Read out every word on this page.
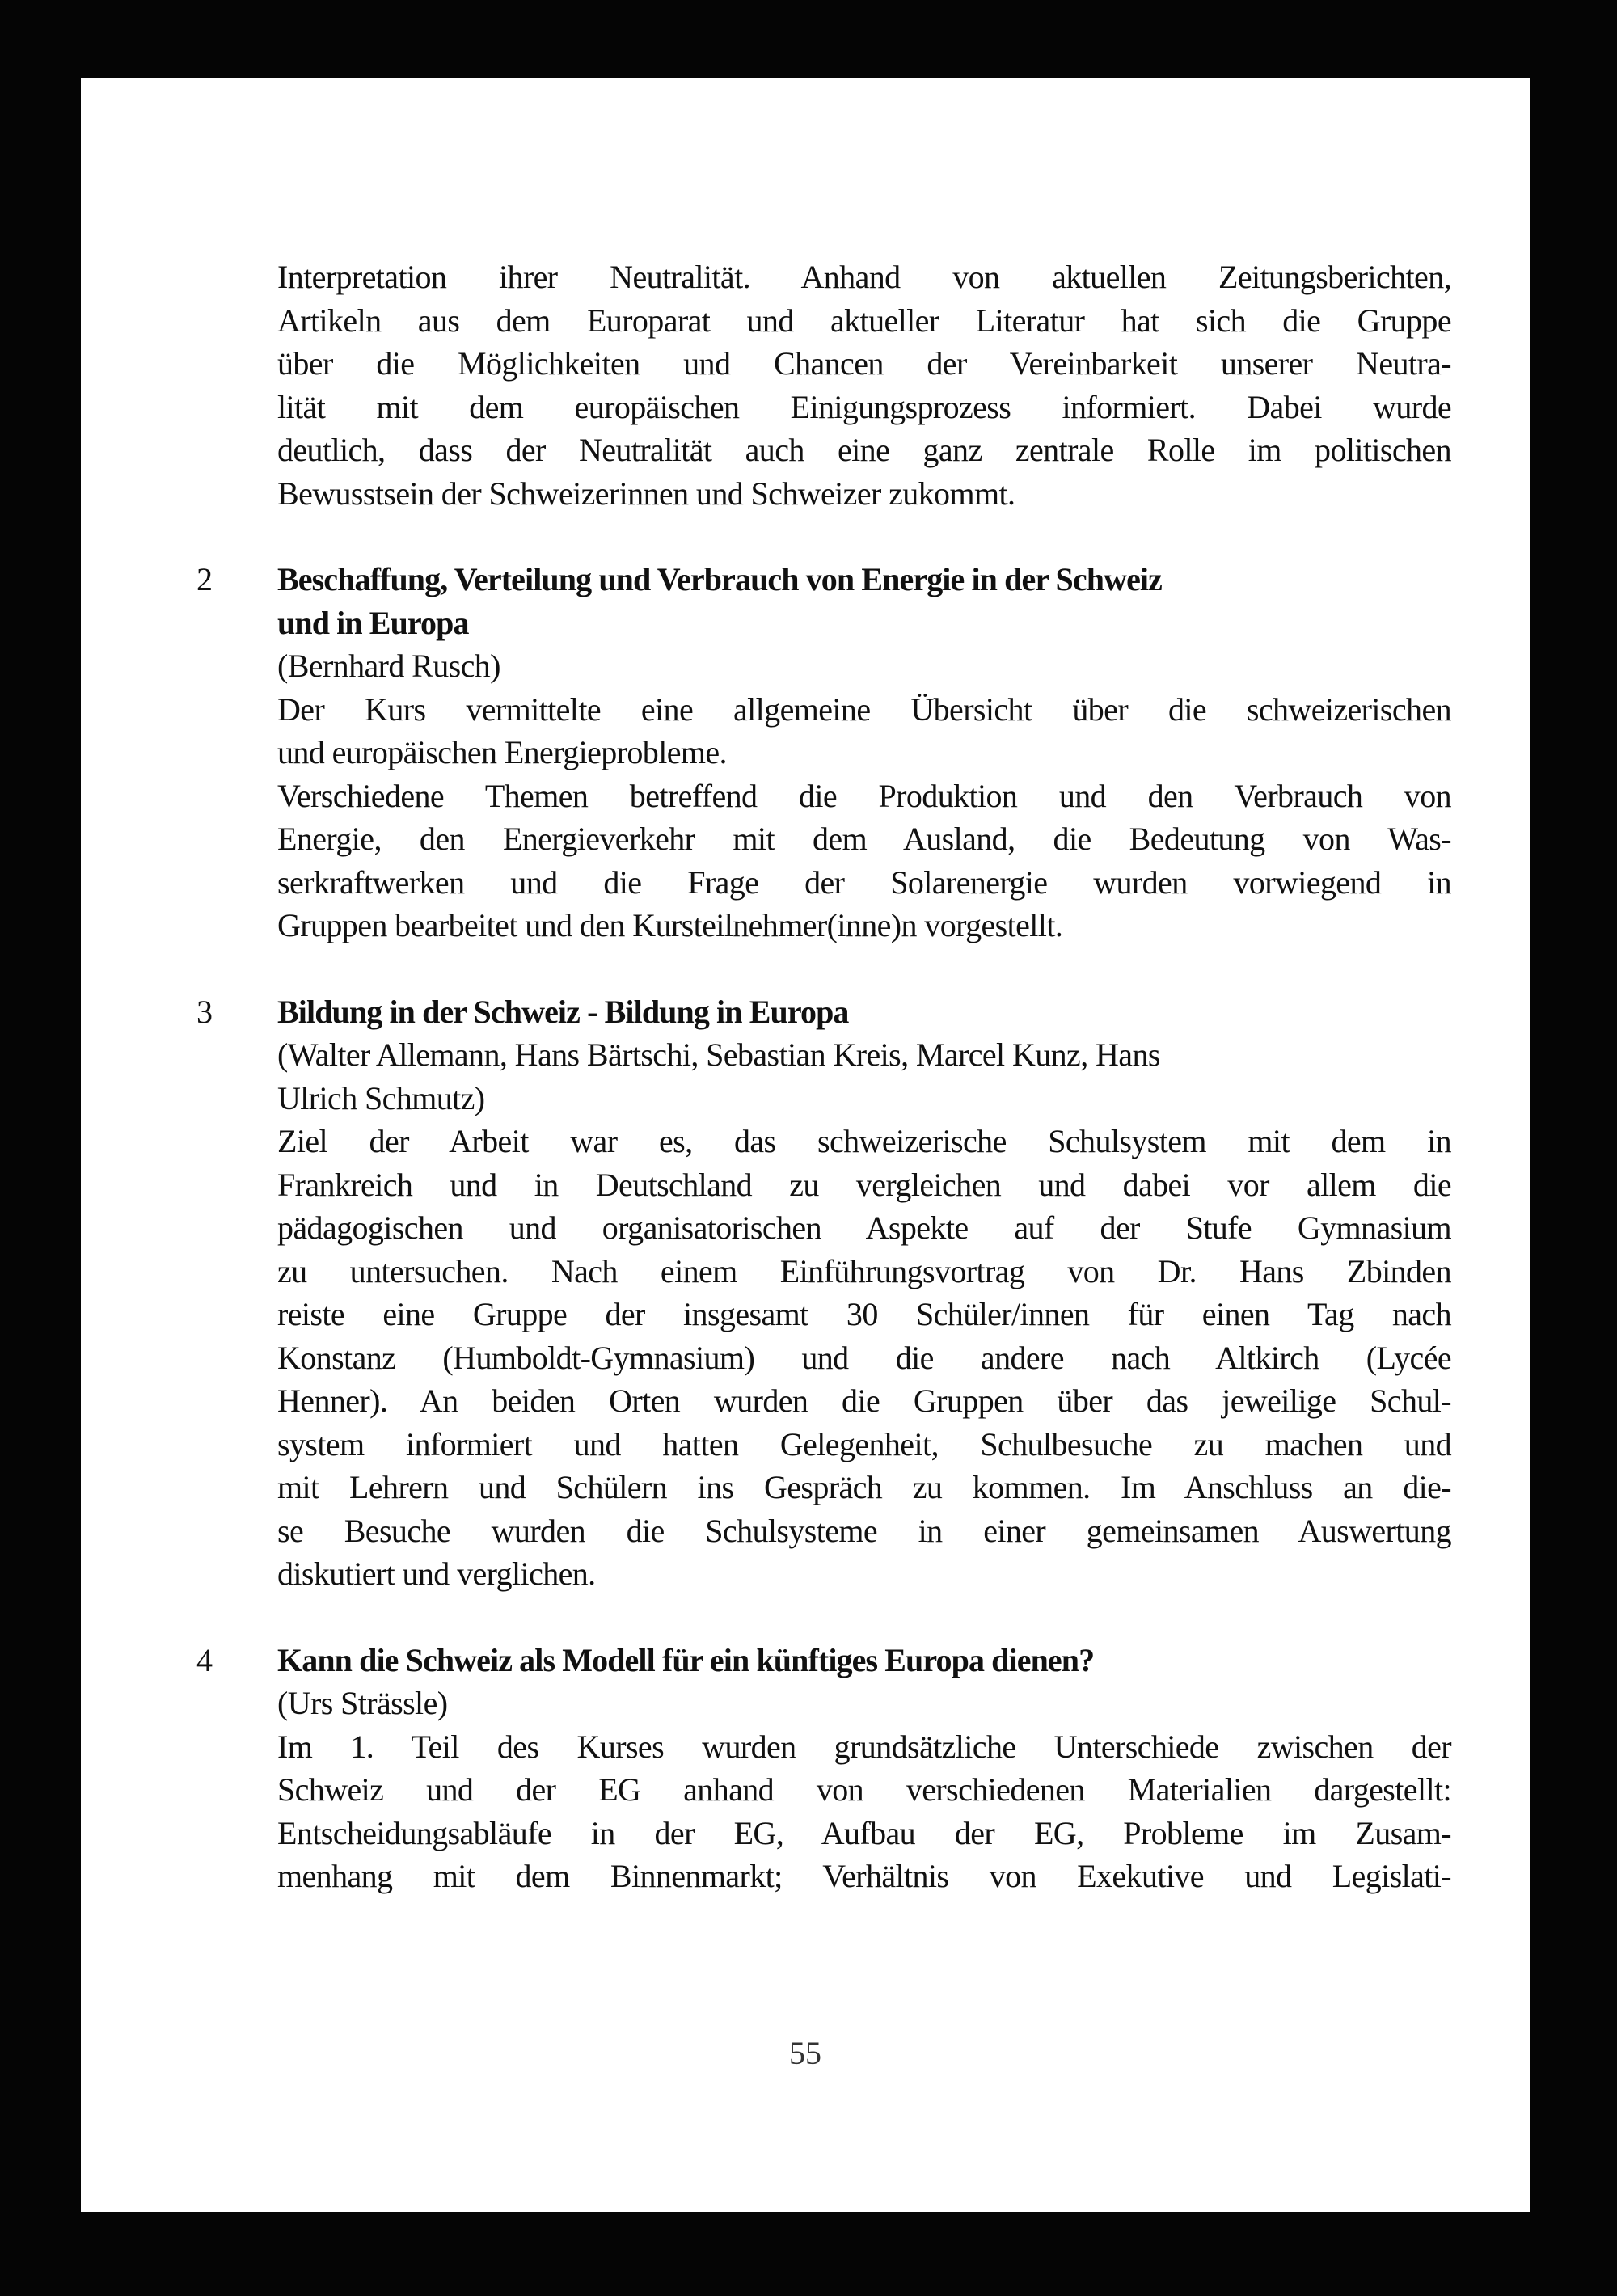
Interpretation ihrer Neutralität. Anhand von aktuellen Zeitungsberichten,
Artikeln aus dem Europarat und aktueller Literatur hat sich die Gruppe
über die Möglichkeiten und Chancen der Vereinbarkeit unserer Neutra-
lität mit dem europäischen Einigungsprozess informiert. Dabei wurde
deutlich, dass der Neutralität auch eine ganz zentrale Rolle im politischen
Bewusstsein der Schweizerinnen und Schweizer zukommt.

2	Beschaffung, Verteilung und Verbrauch von Energie in der Schweiz
und in Europa
(Bernhard Rusch)

Der Kurs vermittelte eine allgemeine Übersicht über die schweizerischen
und europäischen Energieprobleme.

Verschiedene Themen betreffend die Produktion und den Verbrauch von
Energie, den Energieverkehr mit dem Ausland, die Bedeutung von Was-
serkraftwerken und die Frage der Solarenergie wurden vorwiegend in
Gruppen bearbeitet und den Kursteilnehmer(inne)n vorgestellt.

3	Bildung in der Schweiz - Bildung in Europa
(Walter Allemann, Hans Bärtschi, Sebastian Kreis, Marcel Kunz, Hans
Ulrich Schmutz)

Ziel der Arbeit war es, das schweizerische Schulsystem mit dem in
Frankreich und in Deutschland zu vergleichen und dabei vor allem die
pädagogischen und organisatorischen Aspekte auf der Stufe Gymnasium
zu untersuchen. Nach einem Einführungsvortrag von Dr. Hans Zbinden
reiste eine Gruppe der insgesamt 30 Schüler/innen für einen Tag nach
Konstanz (Humboldt-Gymnasium) und die andere nach Altkirch (Lycée
Henner). An beiden Orten wurden die Gruppen über das jeweilige Schul-
system informiert und hatten Gelegenheit, Schulbesuche zu machen und
mit Lehrern und Schülern ins Gespräch zu kommen. Im Anschluss an die-
se Besuche wurden die Schulsysteme in einer gemeinsamen Auswertung
diskutiert und verglichen.

4	Kann die Schweiz als Modell für ein künftiges Europa dienen?
(Urs Strässle)

Im 1. Teil des Kurses wurden grundsätzliche Unterschiede zwischen der
Schweiz und der EG anhand von verschiedenen Materialien dargestellt:
Entscheidungsabläufe in der EG, Aufbau der EG, Probleme im Zusam-
menhang mit dem Binnenmarkt; Verhältnis von Exekutive und Legislati-

55
